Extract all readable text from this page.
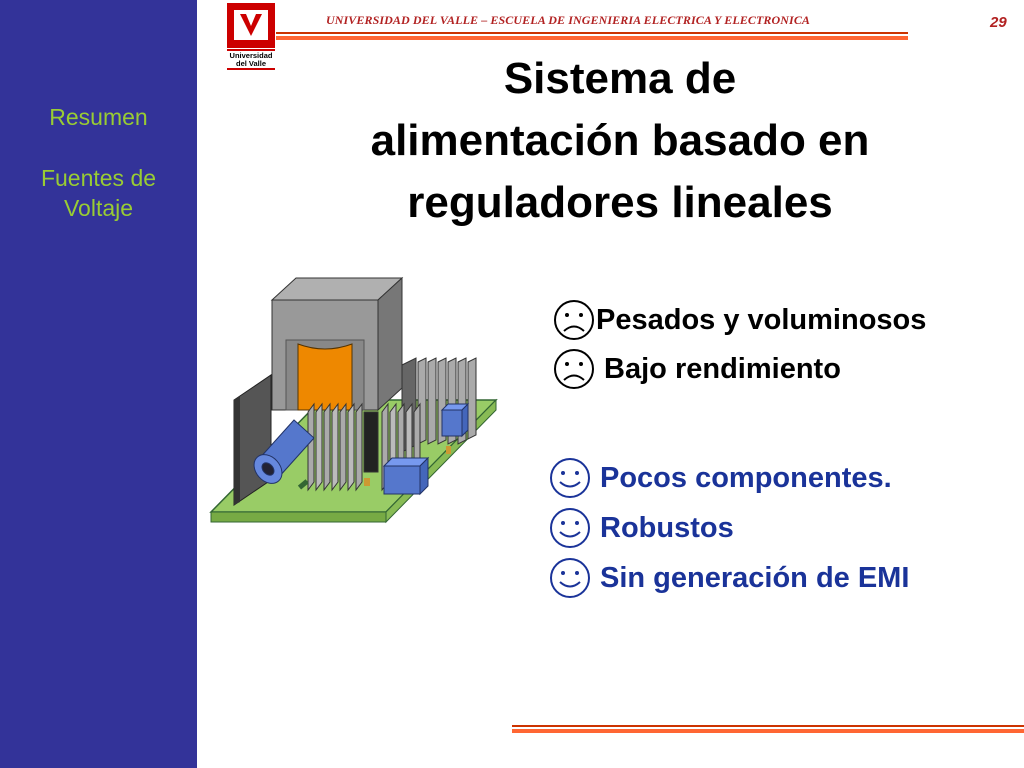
Resumen
Fuentes de
Voltaje
Universidad
del Valle
UNIVERSIDAD DEL VALLE – ESCUELA DE INGENIERIA ELECTRICA Y ELECTRONICA	29
Sistema de
alimentación basado en
reguladores lineales
Pesados y voluminosos
Bajo rendimiento
Pocos componentes.
Robustos
Sin generación de EMI
